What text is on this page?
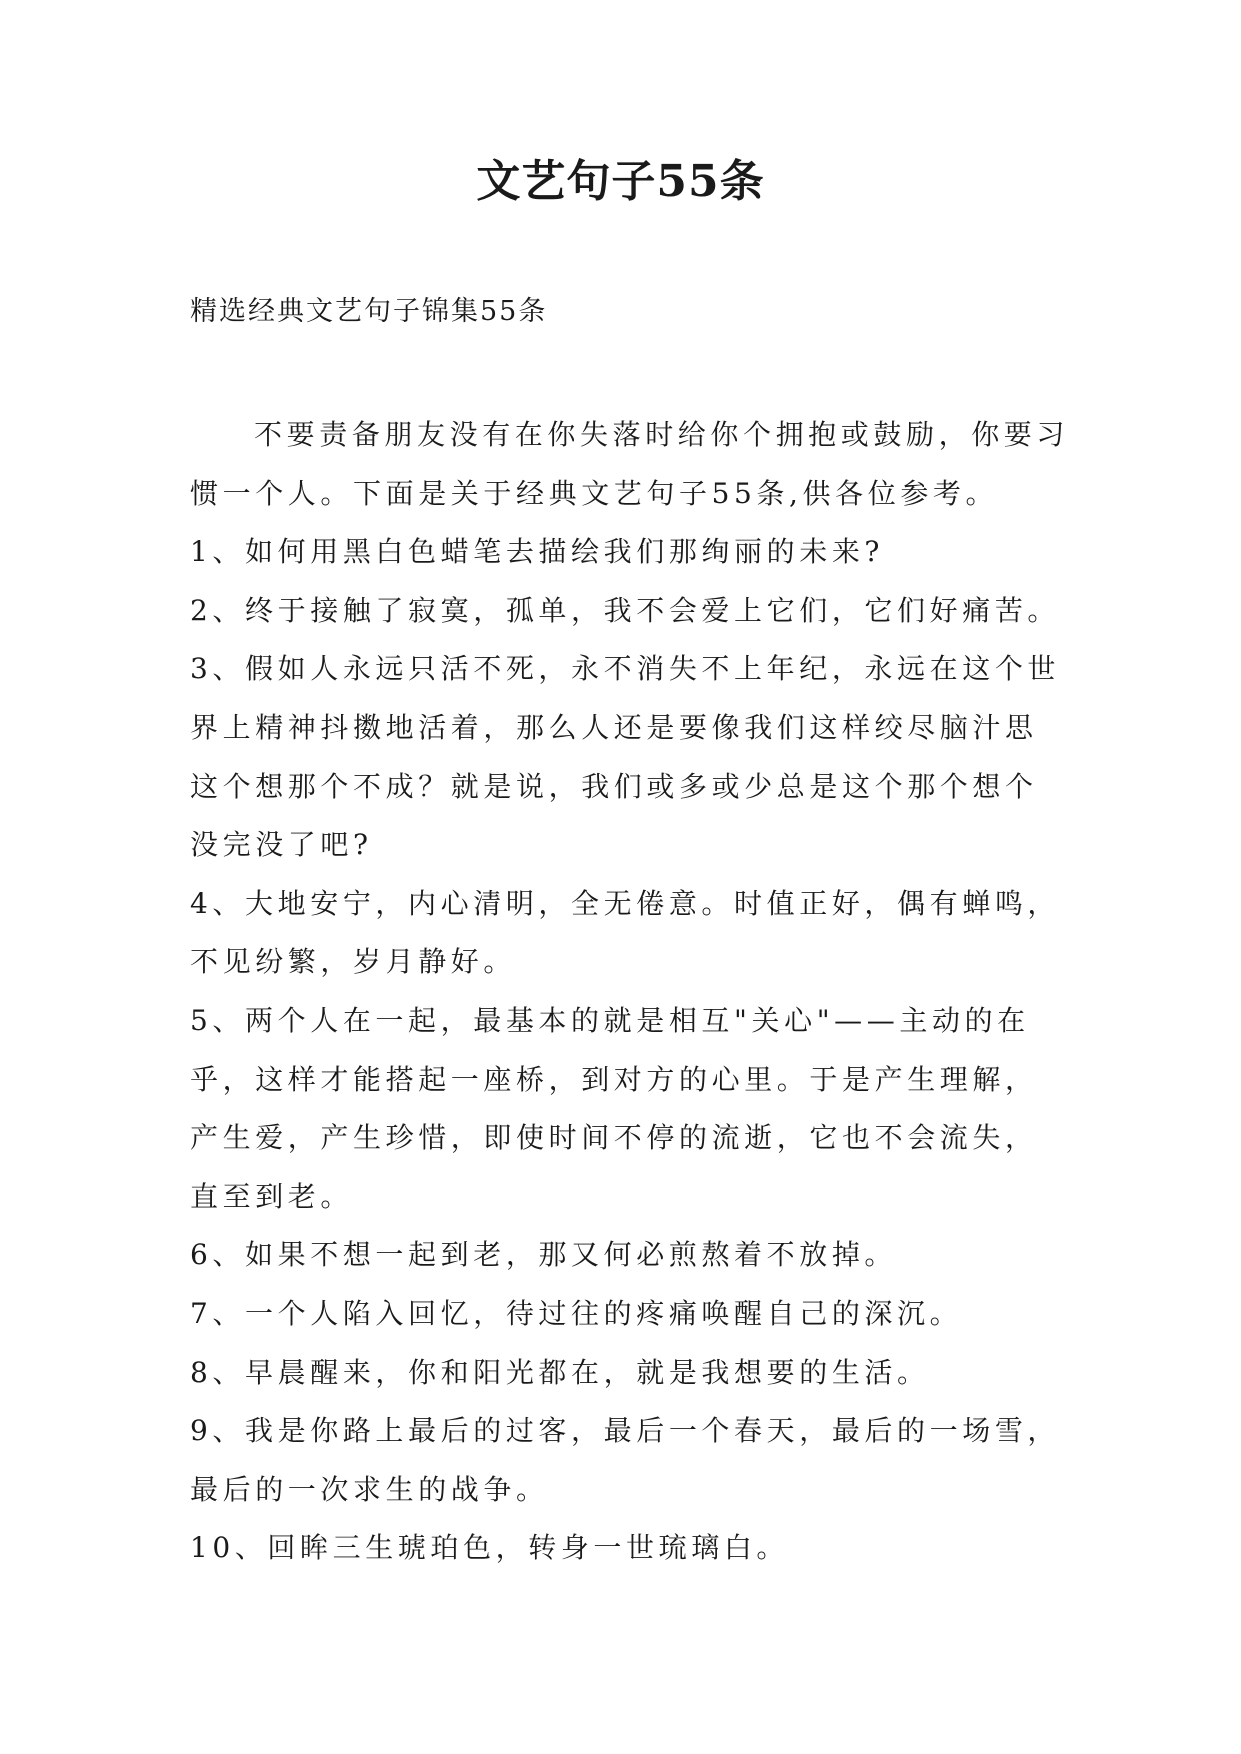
文艺句子55条
精选经典文艺句子锦集55条

不要责备朋友没有在你失落时给你个拥抱或鼓励，你要习惯一个人。下面是关于经典文艺句子55条,供各位参考。

1、如何用黑白色蜡笔去描绘我们那绚丽的未来?

2、终于接触了寂寞，孤单，我不会爱上它们，它们好痛苦。

3、假如人永远只活不死，永不消失不上年纪，永远在这个世界上精神抖擞地活着，那么人还是要像我们这样绞尽脑汁思这个想那个不成？就是说，我们或多或少总是这个那个想个没完没了吧?

4、大地安宁，内心清明，全无倦意。时值正好，偶有蝉鸣，不见纷繁，岁月静好。

5、两个人在一起，最基本的就是相互"关心"——主动的在乎，这样才能搭起一座桥，到对方的心里。于是产生理解，产生爱，产生珍惜，即使时间不停的流逝，它也不会流失，直至到老。

6、如果不想一起到老，那又何必煎熬着不放掉。

7、一个人陷入回忆，待过往的疼痛唤醒自己的深沉。

8、早晨醒来，你和阳光都在，就是我想要的生活。

9、我是你路上最后的过客，最后一个春天，最后的一场雪，最后的一次求生的战争。

10、回眸三生琥珀色，转身一世琉璃白。
